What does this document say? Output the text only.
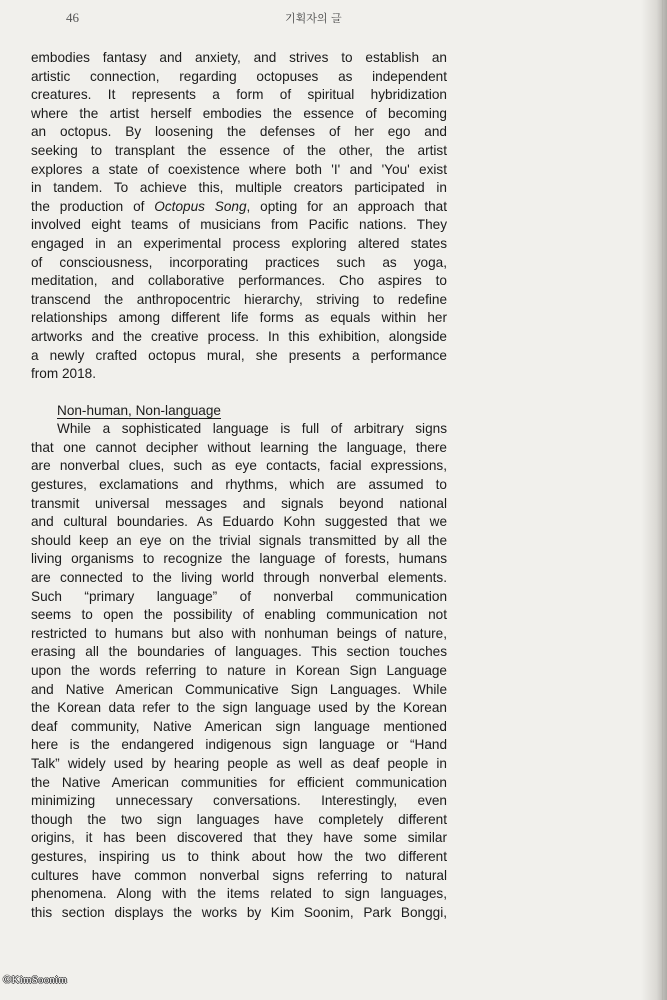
46	기획자의 글
embodies fantasy and anxiety, and strives to establish an
artistic connection, regarding octopuses as independent
creatures. It represents a form of spiritual hybridization
where the artist herself embodies the essence of becoming
an octopus. By loosening the defenses of her ego and
seeking to transplant the essence of the other, the artist
explores a state of coexistence where both 'I' and 'You' exist
in tandem. To achieve this, multiple creators participated in
the production of Octopus Song, opting for an approach that
involved eight teams of musicians from Pacific nations. They
engaged in an experimental process exploring altered states
of consciousness, incorporating practices such as yoga,
meditation, and collaborative performances. Cho aspires to
transcend the anthropocentric hierarchy, striving to redefine
relationships among different life forms as equals within her
artworks and the creative process. In this exhibition, alongside
a newly crafted octopus mural, she presents a performance
from 2018.
Non-human, Non-language
While a sophisticated language is full of arbitrary signs
that one cannot decipher without learning the language, there
are nonverbal clues, such as eye contacts, facial expressions,
gestures, exclamations and rhythms, which are assumed to
transmit universal messages and signals beyond national
and cultural boundaries. As Eduardo Kohn suggested that we
should keep an eye on the trivial signals transmitted by all the
living organisms to recognize the language of forests, humans
are connected to the living world through nonverbal elements.
Such “primary language” of nonverbal communication
seems to open the possibility of enabling communication not
restricted to humans but also with nonhuman beings of nature,
erasing all the boundaries of languages. This section touches
upon the words referring to nature in Korean Sign Language
and Native American Communicative Sign Languages. While
the Korean data refer to the sign language used by the Korean
deaf community, Native American sign language mentioned
here is the endangered indigenous sign language or “Hand
Talk” widely used by hearing people as well as deaf people in
the Native American communities for efficient communication
minimizing unnecessary conversations. Interestingly, even
though the two sign languages have completely different
origins, it has been discovered that they have some similar
gestures, inspiring us to think about how the two different
cultures have common nonverbal signs referring to natural
phenomena. Along with the items related to sign languages,
this section displays the works by Kim Soonim, Park Bonggi,
©KimSoonim
